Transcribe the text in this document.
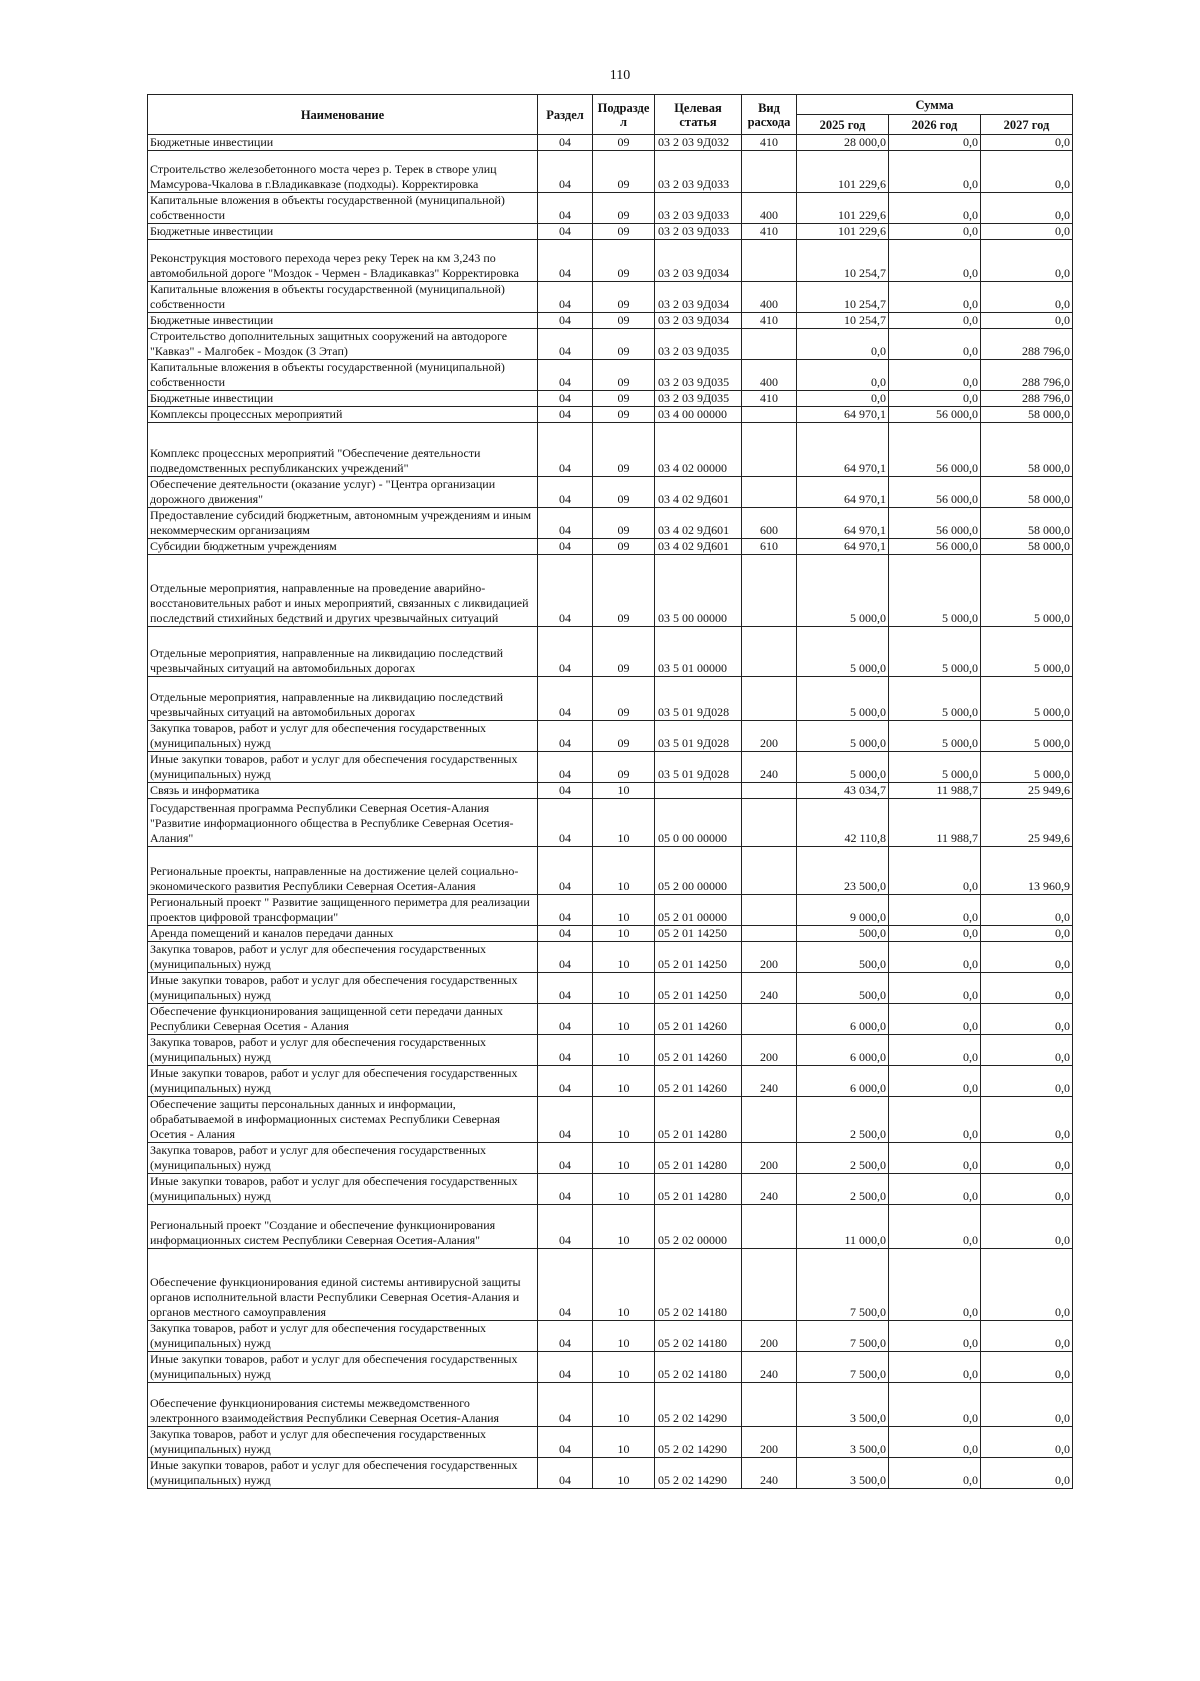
110
Наименование	Раздел	Подразде л	Целевая статья	Вид расхода	Сумма		
					2025 год	2026 год	2027 год
Бюджетные инвестиции	04	09	03 2 03 9Д032	410	28 000,0	0,0	0,0
Строительство железобетонного моста через р. Терек в створе улиц Мамсурова-Чкалова в г.Владикавказе (подходы). Корректировка	04	09	03 2 03 9Д033		101 229,6	0,0	0,0
Капитальные вложения в объекты государственной (муниципальной) собственности	04	09	03 2 03 9Д033	400	101 229,6	0,0	0,0
Бюджетные инвестиции	04	09	03 2 03 9Д033	410	101 229,6	0,0	0,0
Реконструкция мостового перехода через реку Терек на км 3,243 по автомобильной дороге "Моздок - Чермен - Владикавказ" Корректировка	04	09	03 2 03 9Д034		10 254,7	0,0	0,0
Капитальные вложения в объекты государственной (муниципальной) собственности	04	09	03 2 03 9Д034	400	10 254,7	0,0	0,0
Бюджетные инвестиции	04	09	03 2 03 9Д034	410	10 254,7	0,0	0,0
Строительство дополнительных защитных сооружений на автодороге "Кавказ" - Малгобек - Моздок (3 Этап)	04	09	03 2 03 9Д035		0,0	0,0	288 796,0
Капитальные вложения в объекты государственной (муниципальной) собственности	04	09	03 2 03 9Д035	400	0,0	0,0	288 796,0
Бюджетные инвестиции	04	09	03 2 03 9Д035	410	0,0	0,0	288 796,0
Комплексы процессных мероприятий	04	09	03 4 00 00000		64 970,1	56 000,0	58 000,0
Комплекс процессных мероприятий "Обеспечение деятельности подведомственных республиканских учреждений"	04	09	03 4 02 00000		64 970,1	56 000,0	58 000,0
Обеспечение деятельности (оказание услуг) - "Центра организации дорожного движения"	04	09	03 4 02 9Д601		64 970,1	56 000,0	58 000,0
Предоставление субсидий бюджетным, автономным учреждениям и иным некоммерческим организациям	04	09	03 4 02 9Д601	600	64 970,1	56 000,0	58 000,0
Субсидии бюджетным учреждениям	04	09	03 4 02 9Д601	610	64 970,1	56 000,0	58 000,0
Отдельные мероприятия, направленные на проведение аварийно-восстановительных работ и иных мероприятий, связанных с ликвидацией последствий стихийных бедствий и других чрезвычайных ситуаций	04	09	03 5 00 00000		5 000,0	5 000,0	5 000,0
Отдельные мероприятия, направленные на ликвидацию последствий чрезвычайных ситуаций на автомобильных дорогах	04	09	03 5 01 00000		5 000,0	5 000,0	5 000,0
Отдельные мероприятия, направленные на ликвидацию последствий чрезвычайных ситуаций на автомобильных дорогах	04	09	03 5 01 9Д028		5 000,0	5 000,0	5 000,0
Закупка товаров, работ и услуг для обеспечения государственных (муниципальных) нужд	04	09	03 5 01 9Д028	200	5 000,0	5 000,0	5 000,0
Иные закупки товаров, работ и услуг для обеспечения государственных (муниципальных) нужд	04	09	03 5 01 9Д028	240	5 000,0	5 000,0	5 000,0
Связь и информатика	04	10			43 034,7	11 988,7	25 949,6
Государственная программа Республики Северная Осетия-Алания "Развитие информационного общества в Республике Северная Осетия-Алания"	04	10	05 0 00 00000		42 110,8	11 988,7	25 949,6
Региональные проекты, направленные на достижение целей социально-экономического развития Республики Северная Осетия-Алания	04	10	05 2 00 00000		23 500,0	0,0	13 960,9
Региональный проект " Развитие защищенного периметра для реализации проектов цифровой трансформации"	04	10	05 2 01 00000		9 000,0	0,0	0,0
Аренда помещений и каналов передачи данных	04	10	05 2 01 14250		500,0	0,0	0,0
Закупка товаров, работ и услуг для обеспечения государственных (муниципальных) нужд	04	10	05 2 01 14250	200	500,0	0,0	0,0
Иные закупки товаров, работ и услуг для обеспечения государственных (муниципальных) нужд	04	10	05 2 01 14250	240	500,0	0,0	0,0
Обеспечение функционирования защищенной сети передачи данных Республики Северная Осетия - Алания	04	10	05 2 01 14260		6 000,0	0,0	0,0
Закупка товаров, работ и услуг для обеспечения государственных (муниципальных) нужд	04	10	05 2 01 14260	200	6 000,0	0,0	0,0
Иные закупки товаров, работ и услуг для обеспечения государственных (муниципальных) нужд	04	10	05 2 01 14260	240	6 000,0	0,0	0,0
Обеспечение защиты персональных данных и информации, обрабатываемой в информационных системах Республики Северная Осетия - Алания	04	10	05 2 01 14280		2 500,0	0,0	0,0
Закупка товаров, работ и услуг для обеспечения государственных (муниципальных) нужд	04	10	05 2 01 14280	200	2 500,0	0,0	0,0
Иные закупки товаров, работ и услуг для обеспечения государственных (муниципальных) нужд	04	10	05 2 01 14280	240	2 500,0	0,0	0,0
Региональный проект "Создание и обеспечение функционирования информационных систем Республики Северная Осетия-Алания"	04	10	05 2 02 00000		11 000,0	0,0	0,0
Обеспечение функционирования единой системы антивирусной защиты органов исполнительной власти Республики Северная Осетия-Алания и органов местного самоуправления	04	10	05 2 02 14180		7 500,0	0,0	0,0
Закупка товаров, работ и услуг для обеспечения государственных (муниципальных) нужд	04	10	05 2 02 14180	200	7 500,0	0,0	0,0
Иные закупки товаров, работ и услуг для обеспечения государственных (муниципальных) нужд	04	10	05 2 02 14180	240	7 500,0	0,0	0,0
Обеспечение функционирования системы межведомственного электронного взаимодействия Республики Северная Осетия-Алания	04	10	05 2 02 14290		3 500,0	0,0	0,0
Закупка товаров, работ и услуг для обеспечения государственных (муниципальных) нужд	04	10	05 2 02 14290	200	3 500,0	0,0	0,0
Иные закупки товаров, работ и услуг для обеспечения государственных (муниципальных) нужд	04	10	05 2 02 14290	240	3 500,0	0,0	0,0
